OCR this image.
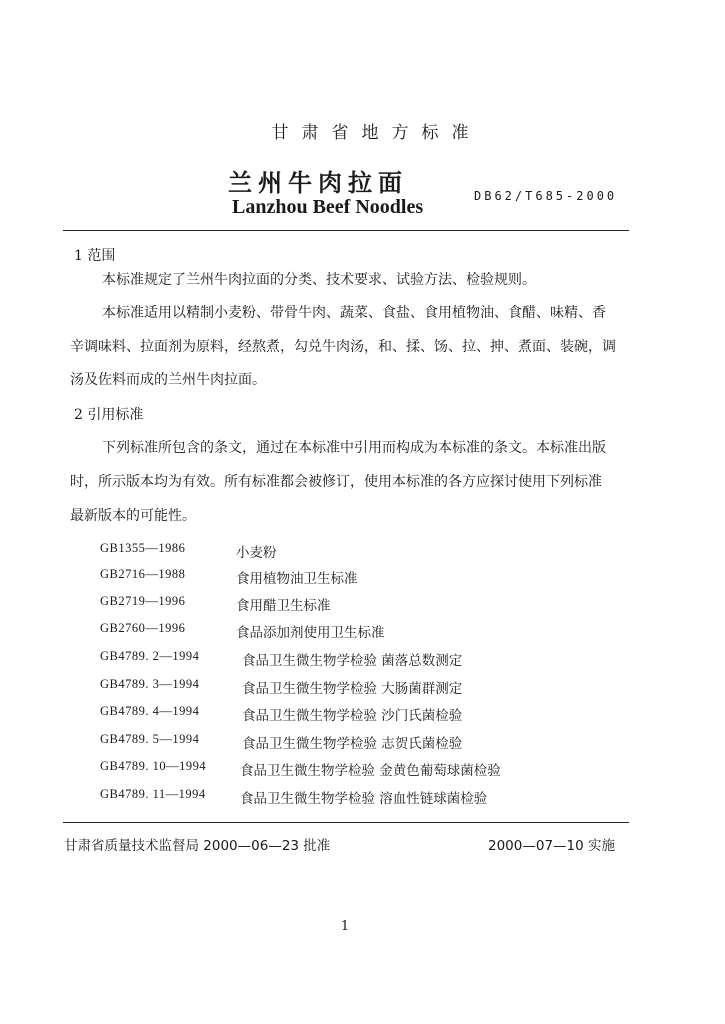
甘肃省地方标准
兰州牛肉拉面
Lanzhou Beef Noodles	DB62/T685-2000
1 范围
本标准规定了兰州牛肉拉面的分类、技术要求、试验方法、检验规则。
本标准适用以精制小麦粉、带骨牛肉、蔬菜、食盐、食用植物油、食醋、味精、香
辛调味料、拉面剂为原料，经熬煮，勾兑牛肉汤，和、揉、饧、拉、抻、煮面、装碗，调
汤及佐料而成的兰州牛肉拉面。
2 引用标准
下列标准所包含的条文，通过在本标准中引用而构成为本标准的条文。本标准出版
时，所示版本均为有效。所有标准都会被修订，使用本标准的各方应探讨使用下列标准
最新版本的可能性。
GB1355—1986	小麦粉
GB2716—1988	食用植物油卫生标准
GB2719—1996	食用醋卫生标准
GB2760—1996	食品添加剂使用卫生标准
GB4789. 2—1994	食品卫生微生物学检验 菌落总数测定
GB4789. 3—1994	食品卫生微生物学检验 大肠菌群测定
GB4789. 4—1994	食品卫生微生物学检验 沙门氏菌检验
GB4789. 5—1994	食品卫生微生物学检验 志贺氏菌检验
GB4789. 10—1994	食品卫生微生物学检验 金黄色葡萄球菌检验
GB4789. 11—1994	食品卫生微生物学检验 溶血性链球菌检验
甘肃省质量技术监督局 2000—06—23 批准	2000—07—10 实施
1
